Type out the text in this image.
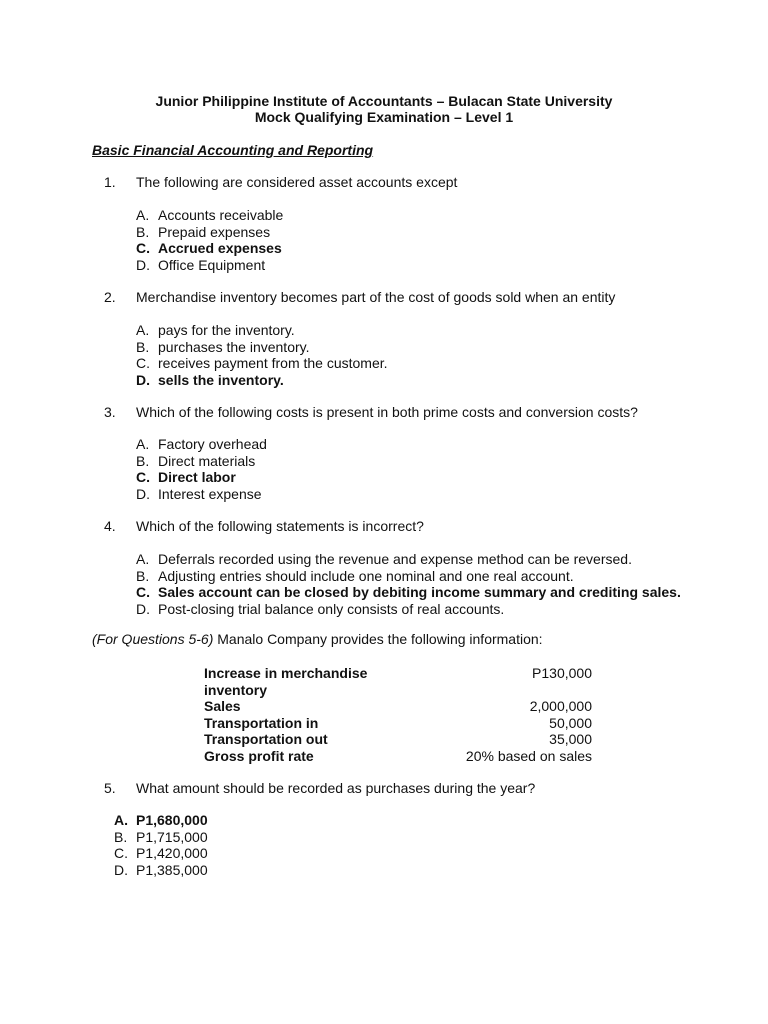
Junior Philippine Institute of Accountants – Bulacan State University
Mock Qualifying Examination – Level 1
Basic Financial Accounting and Reporting
1. The following are considered asset accounts except
A. Accounts receivable
B. Prepaid expenses
C. Accrued expenses
D. Office Equipment
2. Merchandise inventory becomes part of the cost of goods sold when an entity
A. pays for the inventory.
B. purchases the inventory.
C. receives payment from the customer.
D. sells the inventory.
3. Which of the following costs is present in both prime costs and conversion costs?
A. Factory overhead
B. Direct materials
C. Direct labor
D. Interest expense
4. Which of the following statements is incorrect?
A. Deferrals recorded using the revenue and expense method can be reversed.
B. Adjusting entries should include one nominal and one real account.
C. Sales account can be closed by debiting income summary and crediting sales.
D. Post-closing trial balance only consists of real accounts.
(For Questions 5-6) Manalo Company provides the following information:
Increase in merchandise inventory	P130,000
Sales	2,000,000
Transportation in	50,000
Transportation out	35,000
Gross profit rate	20% based on sales
5. What amount should be recorded as purchases during the year?
A. P1,680,000
B. P1,715,000
C. P1,420,000
D. P1,385,000
